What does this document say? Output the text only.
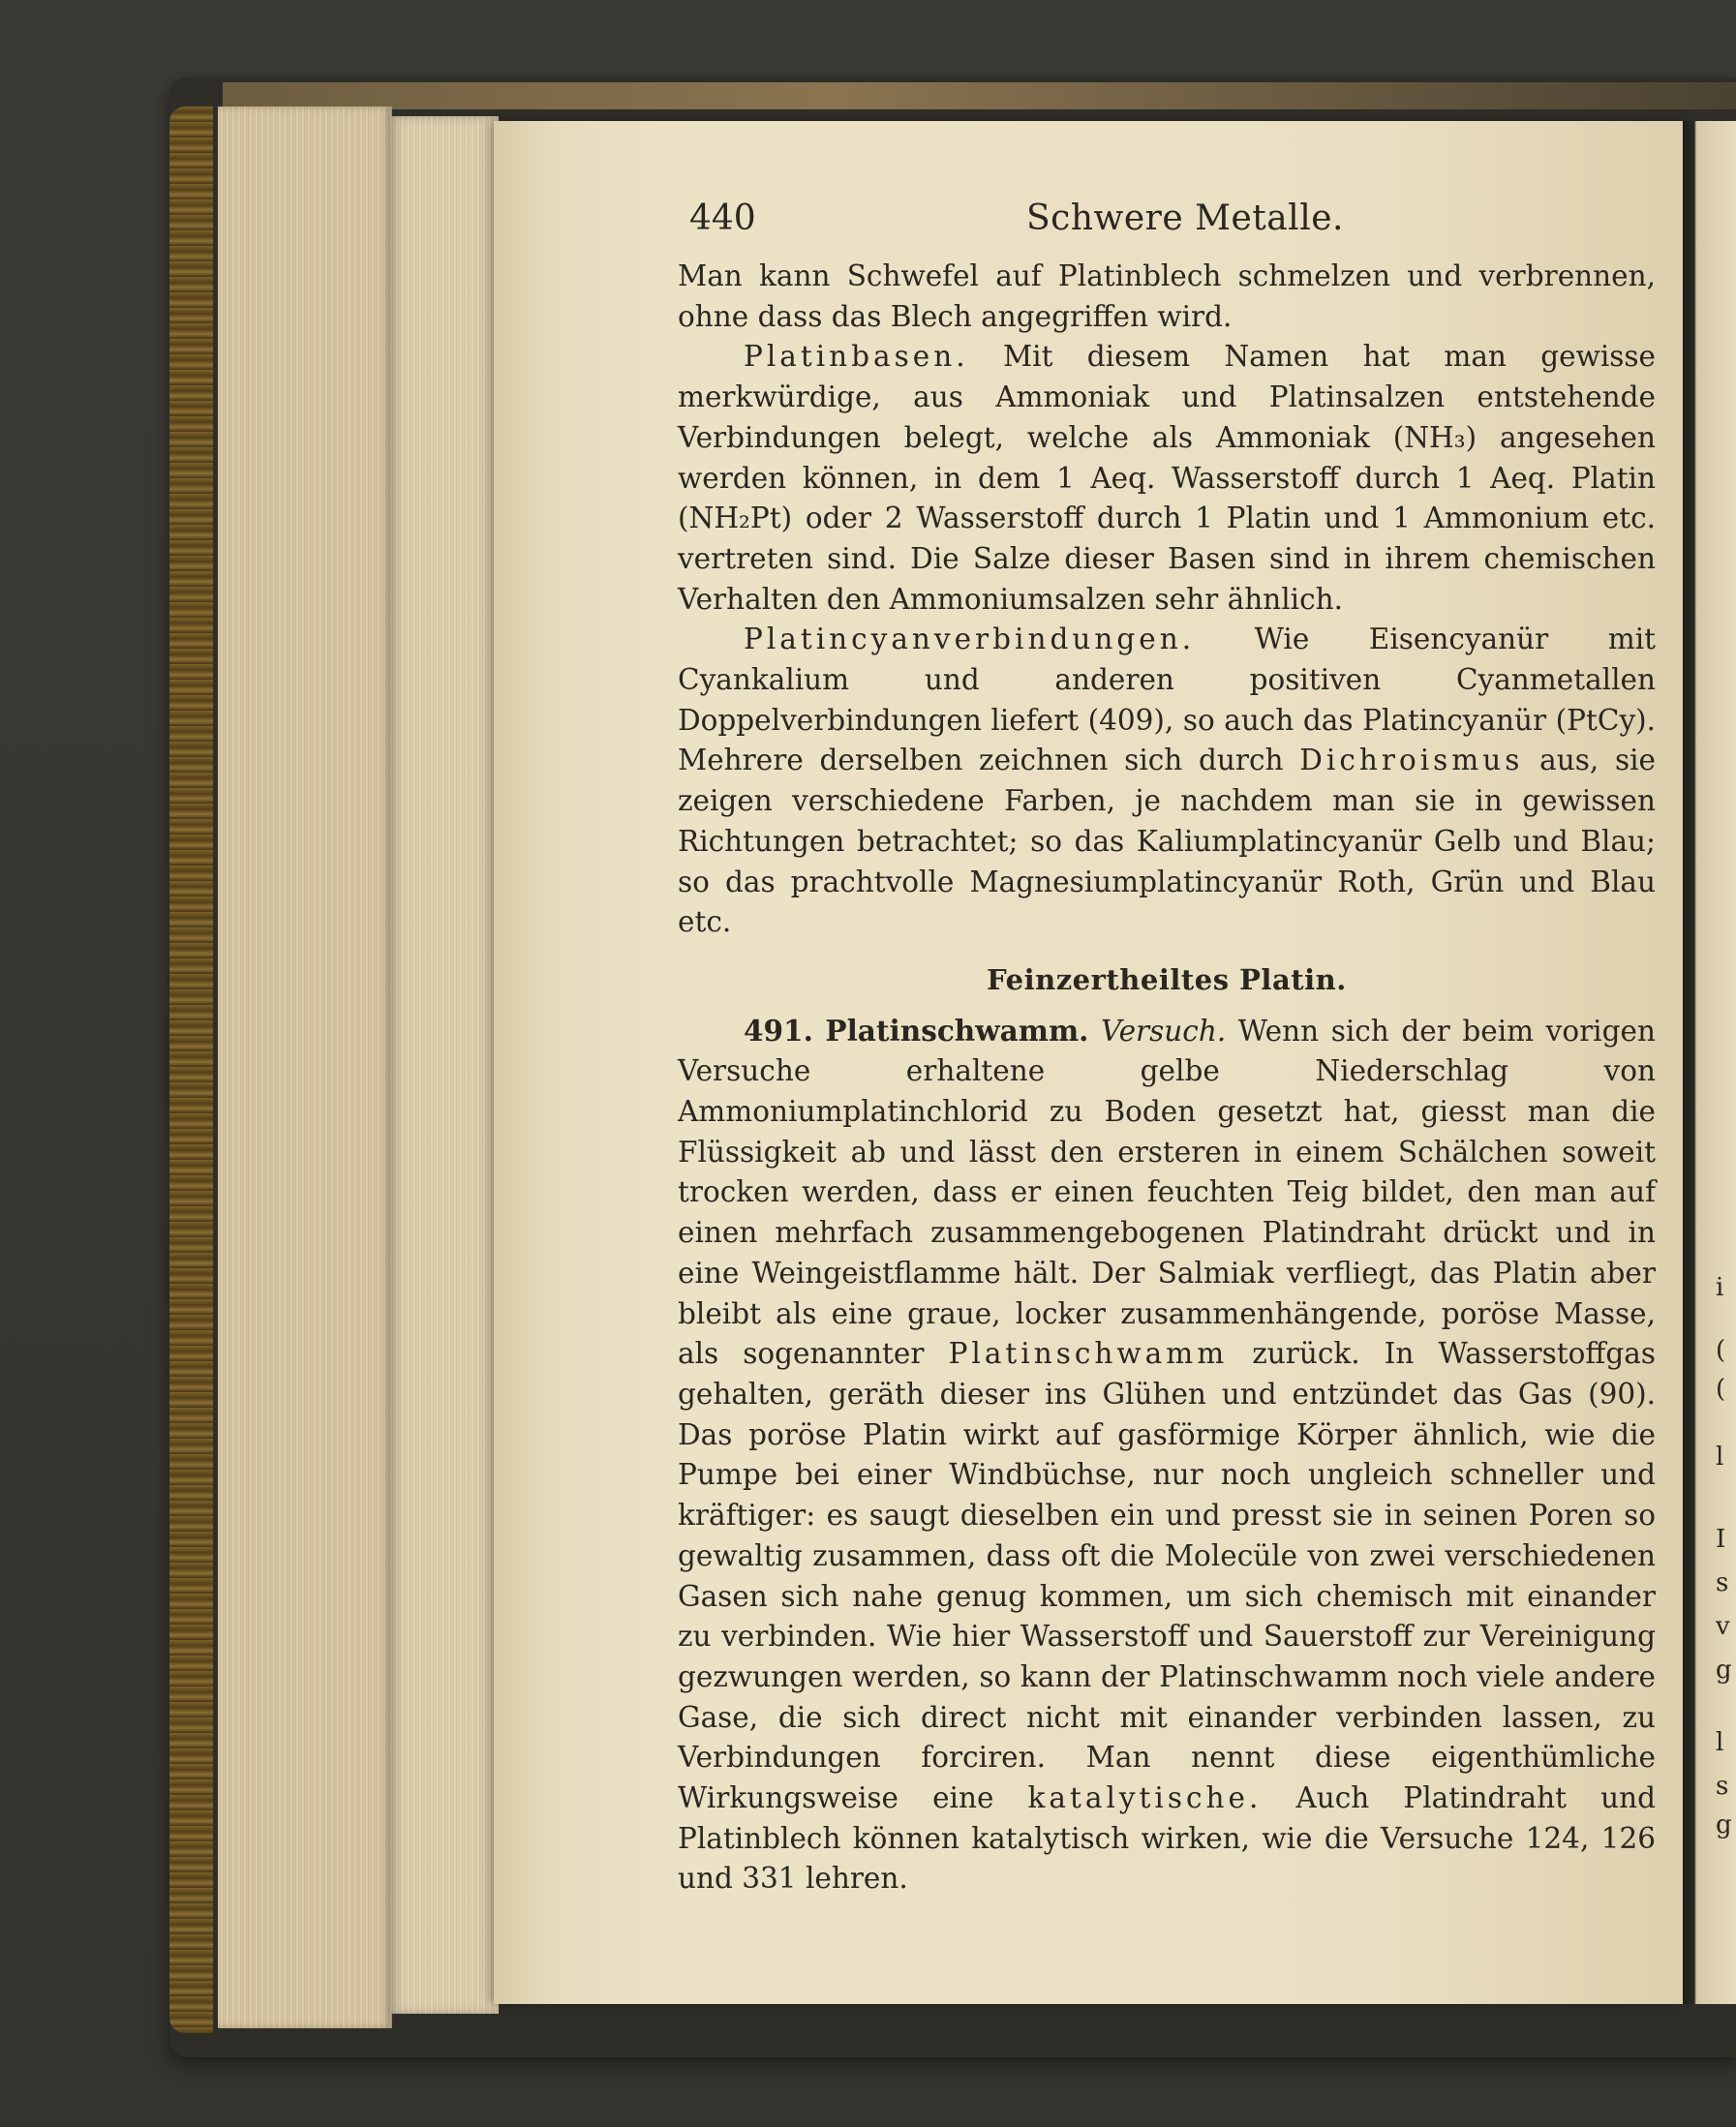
440	Schwere Metalle.

Man kann Schwefel auf Platinblech schmelzen und verbrennen, ohne dass das Blech angegriffen wird.

Platinbasen. Mit diesem Namen hat man gewisse merkwürdige, aus Ammoniak und Platinsalzen entstehende Verbindungen belegt, welche als Ammoniak (NH₃) angesehen werden können, in dem 1 Aeq. Wasserstoff durch 1 Aeq. Platin (NH₂Pt) oder 2 Wasserstoff durch 1 Platin und 1 Ammonium etc. vertreten sind. Die Salze dieser Basen sind in ihrem chemischen Verhalten den Ammoniumsalzen sehr ähnlich.

Platincyanverbindungen. Wie Eisencyanür mit Cyankalium und anderen positiven Cyanmetallen Doppelverbindungen liefert (409), so auch das Platincyanür (PtCy). Mehrere derselben zeichnen sich durch Dichroismus aus, sie zeigen verschiedene Farben, je nachdem man sie in gewissen Richtungen betrachtet; so das Kaliumplatincyanür Gelb und Blau; so das prachtvolle Magnesiumplatincyanür Roth, Grün und Blau etc.

Feinzertheiltes Platin.

491. Platinschwamm. Versuch. Wenn sich der beim vorigen Versuche erhaltene gelbe Niederschlag von Ammoniumplatinchlorid zu Boden gesetzt hat, giesst man die Flüssigkeit ab und lässt den ersteren in einem Schälchen soweit trocken werden, dass er einen feuchten Teig bildet, den man auf einen mehrfach zusammengebogenen Platindraht drückt und in eine Weingeistflamme hält. Der Salmiak verfliegt, das Platin aber bleibt als eine graue, locker zusammenhängende, poröse Masse, als sogenannter Platinschwamm zurück. In Wasserstoffgas gehalten, geräth dieser ins Glühen und entzündet das Gas (90). Das poröse Platin wirkt auf gasförmige Körper ähnlich, wie die Pumpe bei einer Windbüchse, nur noch ungleich schneller und kräftiger: es saugt dieselben ein und presst sie in seinen Poren so gewaltig zusammen, dass oft die Molecüle von zwei verschiedenen Gasen sich nahe genug kommen, um sich chemisch mit einander zu verbinden. Wie hier Wasserstoff und Sauerstoff zur Vereinigung gezwungen werden, so kann der Platinschwamm noch viele andere Gase, die sich direct nicht mit einander verbinden lassen, zu Verbindungen forciren. Man nennt diese eigenthümliche Wirkungsweise eine katalytische. Auch Platindraht und Platinblech können katalytisch wirken, wie die Versuche 124, 126 und 331 lehren.

i
(
(
l
I
s
v
g
l
s
g
